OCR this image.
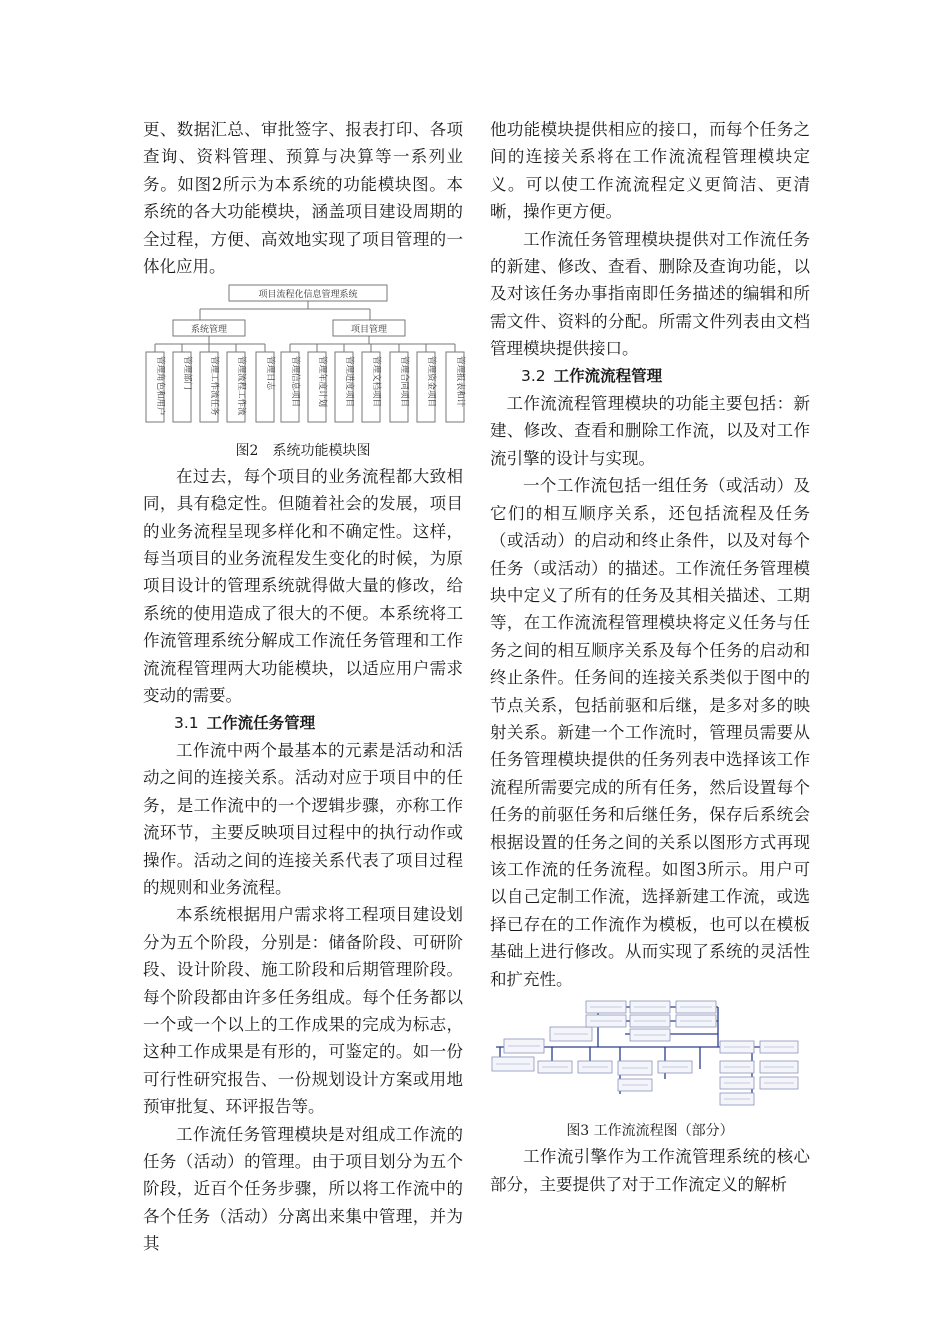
更、数据汇总、审批签字、报表打印、各项查询、资料管理、预算与决算等一系列业务。如图2所示为本系统的功能模块图。本系统的各大功能模块，涵盖项目建设周期的全过程，方便、高效地实现了项目管理的一体化应用。

项目流程化信息管理系统
系统管理	项目管理
管理角色和用户 管理部门 管理工作流任务 管理流程工作流 管理日志 管理信息项目 管理年度计划 管理进度项目 管理文档项目 管理合同项目 管理资金项目 管理报表和计

图2　系统功能模块图

在过去，每个项目的业务流程都大致相同，具有稳定性。但随着社会的发展，项目的业务流程呈现多样化和不确定性。这样，每当项目的业务流程发生变化的时候，为原项目设计的管理系统就得做大量的修改，给系统的使用造成了很大的不便。本系统将工作流管理系统分解成工作流任务管理和工作流流程管理两大功能模块，以适应用户需求变动的需要。

3.1 工作流任务管理

工作流中两个最基本的元素是活动和活动之间的连接关系。活动对应于项目中的任务，是工作流中的一个逻辑步骤，亦称工作流环节，主要反映项目过程中的执行动作或操作。活动之间的连接关系代表了项目过程的规则和业务流程。

本系统根据用户需求将工程项目建设划分为五个阶段，分别是：储备阶段、可研阶段、设计阶段、施工阶段和后期管理阶段。每个阶段都由许多任务组成。每个任务都以一个或一个以上的工作成果的完成为标志，这种工作成果是有形的，可鉴定的。如一份可行性研究报告、一份规划设计方案或用地预审批复、环评报告等。

工作流任务管理模块是对组成工作流的任务（活动）的管理。由于项目划分为五个阶段，近百个任务步骤，所以将工作流中的各个任务（活动）分离出来集中管理，并为其

他功能模块提供相应的接口，而每个任务之间的连接关系将在工作流流程管理模块定义。可以使工作流流程定义更简洁、更清晰，操作更方便。

工作流任务管理模块提供对工作流任务的新建、修改、查看、删除及查询功能，以及对该任务办事指南即任务描述的编辑和所需文件、资料的分配。所需文件列表由文档管理模块提供接口。

3.2 工作流流程管理

工作流流程管理模块的功能主要包括：新建、修改、查看和删除工作流，以及对工作流引擎的设计与实现。

一个工作流包括一组任务（或活动）及它们的相互顺序关系，还包括流程及任务（或活动）的启动和终止条件，以及对每个任务（或活动）的描述。工作流任务管理模块中定义了所有的任务及其相关描述、工期等，在工作流流程管理模块将定义任务与任务之间的相互顺序关系及每个任务的启动和终止条件。任务间的连接关系类似于图中的节点关系，包括前驱和后继，是多对多的映射关系。新建一个工作流时，管理员需要从任务管理模块提供的任务列表中选择该工作流程所需要完成的所有任务，然后设置每个任务的前驱任务和后继任务，保存后系统会根据设置的任务之间的关系以图形方式再现该工作流的任务流程。如图3所示。用户可以自己定制工作流，选择新建工作流，或选择已存在的工作流作为模板，也可以在模板基础上进行修改。从而实现了系统的灵活性和扩充性。

图3 工作流流程图（部分）

工作流引擎作为工作流管理系统的核心部分，主要提供了对于工作流定义的解析
